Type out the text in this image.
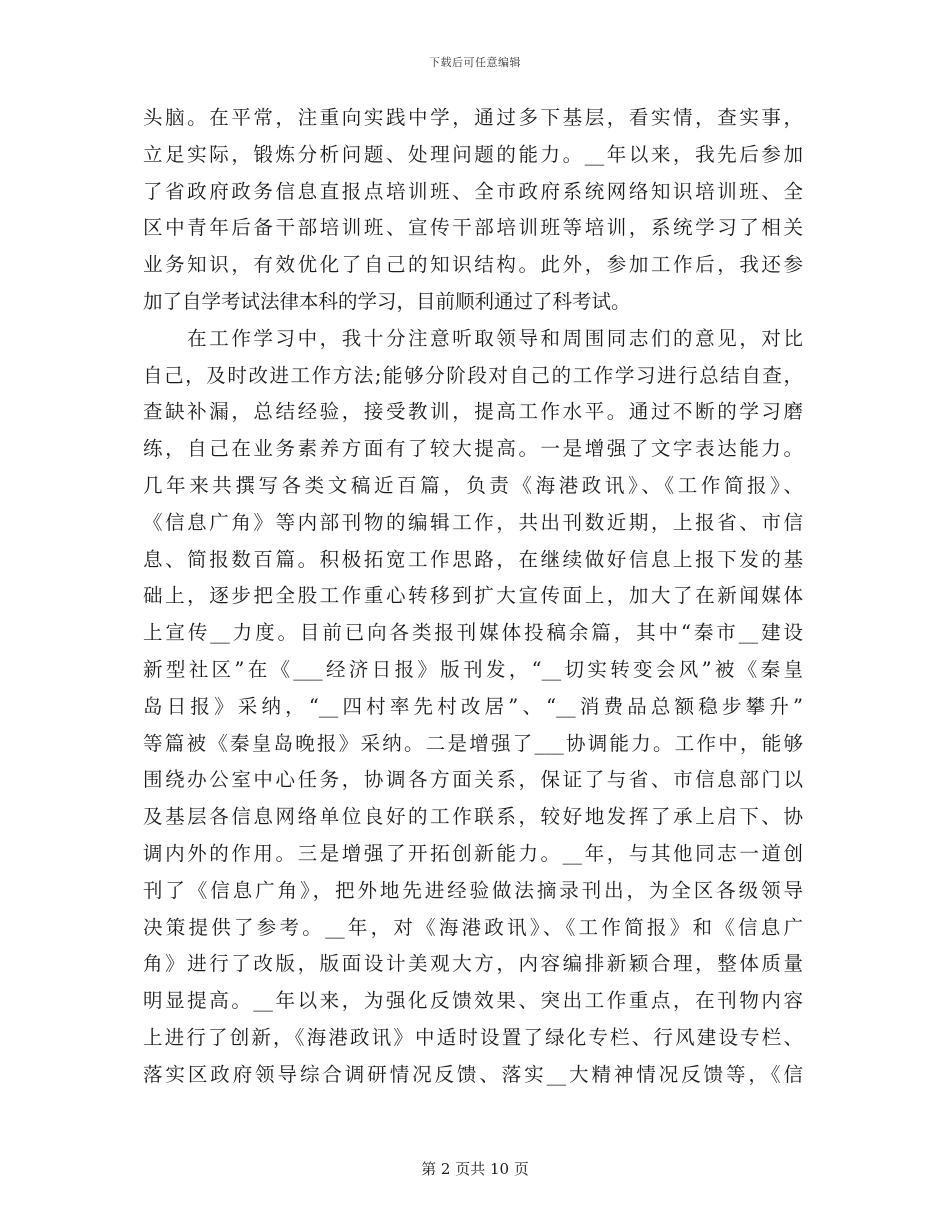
下载后可任意编辑
头脑。在平常，注重向实践中学，通过多下基层，看实情，查实事，
立足实际，锻炼分析问题、处理问题的能力。__年以来，我先后参加
了省政府政务信息直报点培训班、全市政府系统网络知识培训班、全
区中青年后备干部培训班、宣传干部培训班等培训，系统学习了相关
业务知识，有效优化了自己的知识结构。此外，参加工作后，我还参
加了自学考试法律本科的学习，目前顺利通过了科考试。
　　在工作学习中，我十分注意听取领导和周围同志们的意见，对比
自己，及时改进工作方法;能够分阶段对自己的工作学习进行总结自查，
查缺补漏，总结经验，接受教训，提高工作水平。通过不断的学习磨
练，自己在业务素养方面有了较大提高。一是增强了文字表达能力。
几年来共撰写各类文稿近百篇，负责《海港政讯》、《工作简报》、
《信息广角》等内部刊物的编辑工作，共出刊数近期，上报省、市信
息、简报数百篇。积极拓宽工作思路，在继续做好信息上报下发的基
础上，逐步把全股工作重心转移到扩大宣传面上，加大了在新闻媒体
上宣传__力度。目前已向各类报刊媒体投稿余篇，其中“秦市__建设
新型社区”在《___经济日报》版刊发，“__切实转变会风”被《秦皇
岛日报》采纳，“__四村率先村改居”、“__消费品总额稳步攀升”
等篇被《秦皇岛晚报》采纳。二是增强了___协调能力。工作中，能够
围绕办公室中心任务，协调各方面关系，保证了与省、市信息部门以
及基层各信息网络单位良好的工作联系，较好地发挥了承上启下、协
调内外的作用。三是增强了开拓创新能力。__年，与其他同志一道创
刊了《信息广角》，把外地先进经验做法摘录刊出，为全区各级领导
决策提供了参考。__年，对《海港政讯》、《工作简报》和《信息广
角》进行了改版，版面设计美观大方，内容编排新颖合理，整体质量
明显提高。__年以来，为强化反馈效果、突出工作重点，在刊物内容
上进行了创新，《海港政讯》中适时设置了绿化专栏、行风建设专栏、
落实区政府领导综合调研情况反馈、落实__大精神情况反馈等，《信
第 2 页共 10 页
